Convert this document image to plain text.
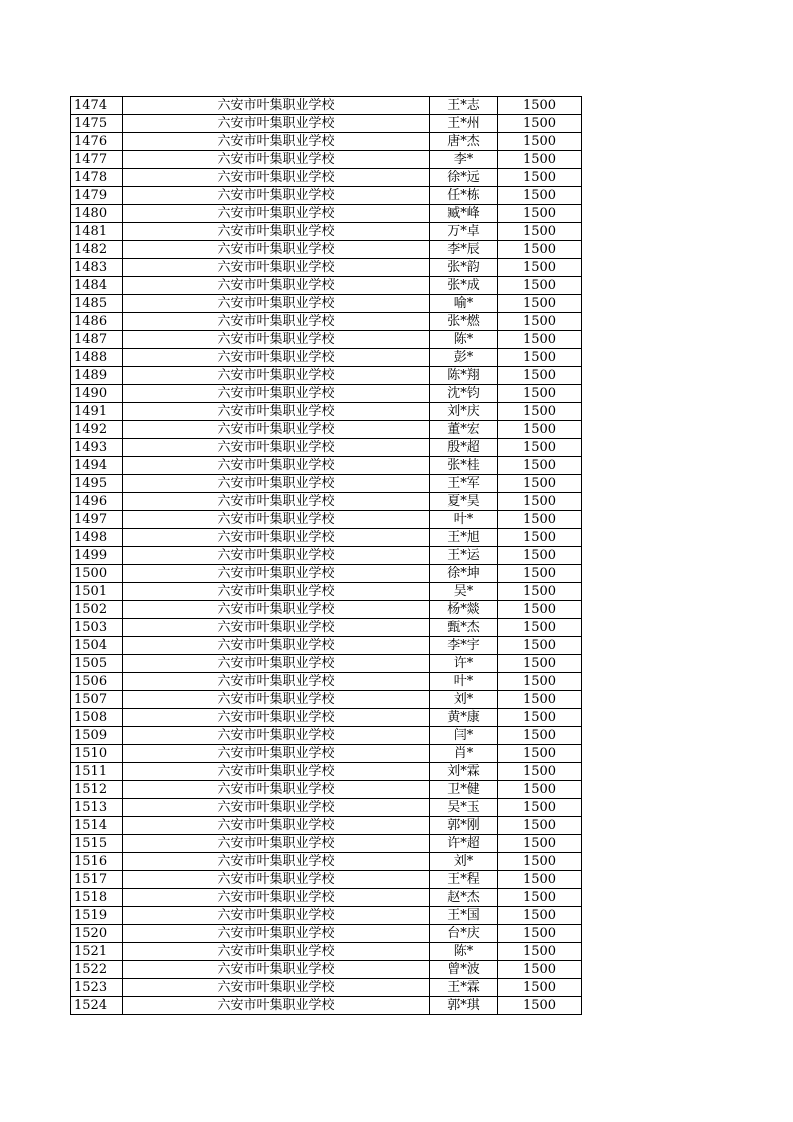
1474	六安市叶集职业学校	王*志	1500
1475	六安市叶集职业学校	王*州	1500
1476	六安市叶集职业学校	唐*杰	1500
1477	六安市叶集职业学校	李*	1500
1478	六安市叶集职业学校	徐*远	1500
1479	六安市叶集职业学校	任*栋	1500
1480	六安市叶集职业学校	臧*峰	1500
1481	六安市叶集职业学校	万*卓	1500
1482	六安市叶集职业学校	李*辰	1500
1483	六安市叶集职业学校	张*韵	1500
1484	六安市叶集职业学校	张*成	1500
1485	六安市叶集职业学校	喻*	1500
1486	六安市叶集职业学校	张*燃	1500
1487	六安市叶集职业学校	陈*	1500
1488	六安市叶集职业学校	彭*	1500
1489	六安市叶集职业学校	陈*翔	1500
1490	六安市叶集职业学校	沈*钧	1500
1491	六安市叶集职业学校	刘*庆	1500
1492	六安市叶集职业学校	董*宏	1500
1493	六安市叶集职业学校	殷*超	1500
1494	六安市叶集职业学校	张*桂	1500
1495	六安市叶集职业学校	王*军	1500
1496	六安市叶集职业学校	夏*昊	1500
1497	六安市叶集职业学校	叶*	1500
1498	六安市叶集职业学校	王*旭	1500
1499	六安市叶集职业学校	王*运	1500
1500	六安市叶集职业学校	徐*坤	1500
1501	六安市叶集职业学校	吴*	1500
1502	六安市叶集职业学校	杨*燚	1500
1503	六安市叶集职业学校	甄*杰	1500
1504	六安市叶集职业学校	李*宇	1500
1505	六安市叶集职业学校	许*	1500
1506	六安市叶集职业学校	叶*	1500
1507	六安市叶集职业学校	刘*	1500
1508	六安市叶集职业学校	黄*康	1500
1509	六安市叶集职业学校	闫*	1500
1510	六安市叶集职业学校	肖*	1500
1511	六安市叶集职业学校	刘*霖	1500
1512	六安市叶集职业学校	卫*健	1500
1513	六安市叶集职业学校	吴*玉	1500
1514	六安市叶集职业学校	郭*刚	1500
1515	六安市叶集职业学校	许*超	1500
1516	六安市叶集职业学校	刘*	1500
1517	六安市叶集职业学校	王*程	1500
1518	六安市叶集职业学校	赵*杰	1500
1519	六安市叶集职业学校	王*国	1500
1520	六安市叶集职业学校	台*庆	1500
1521	六安市叶集职业学校	陈*	1500
1522	六安市叶集职业学校	曾*波	1500
1523	六安市叶集职业学校	王*霖	1500
1524	六安市叶集职业学校	郭*琪	1500
